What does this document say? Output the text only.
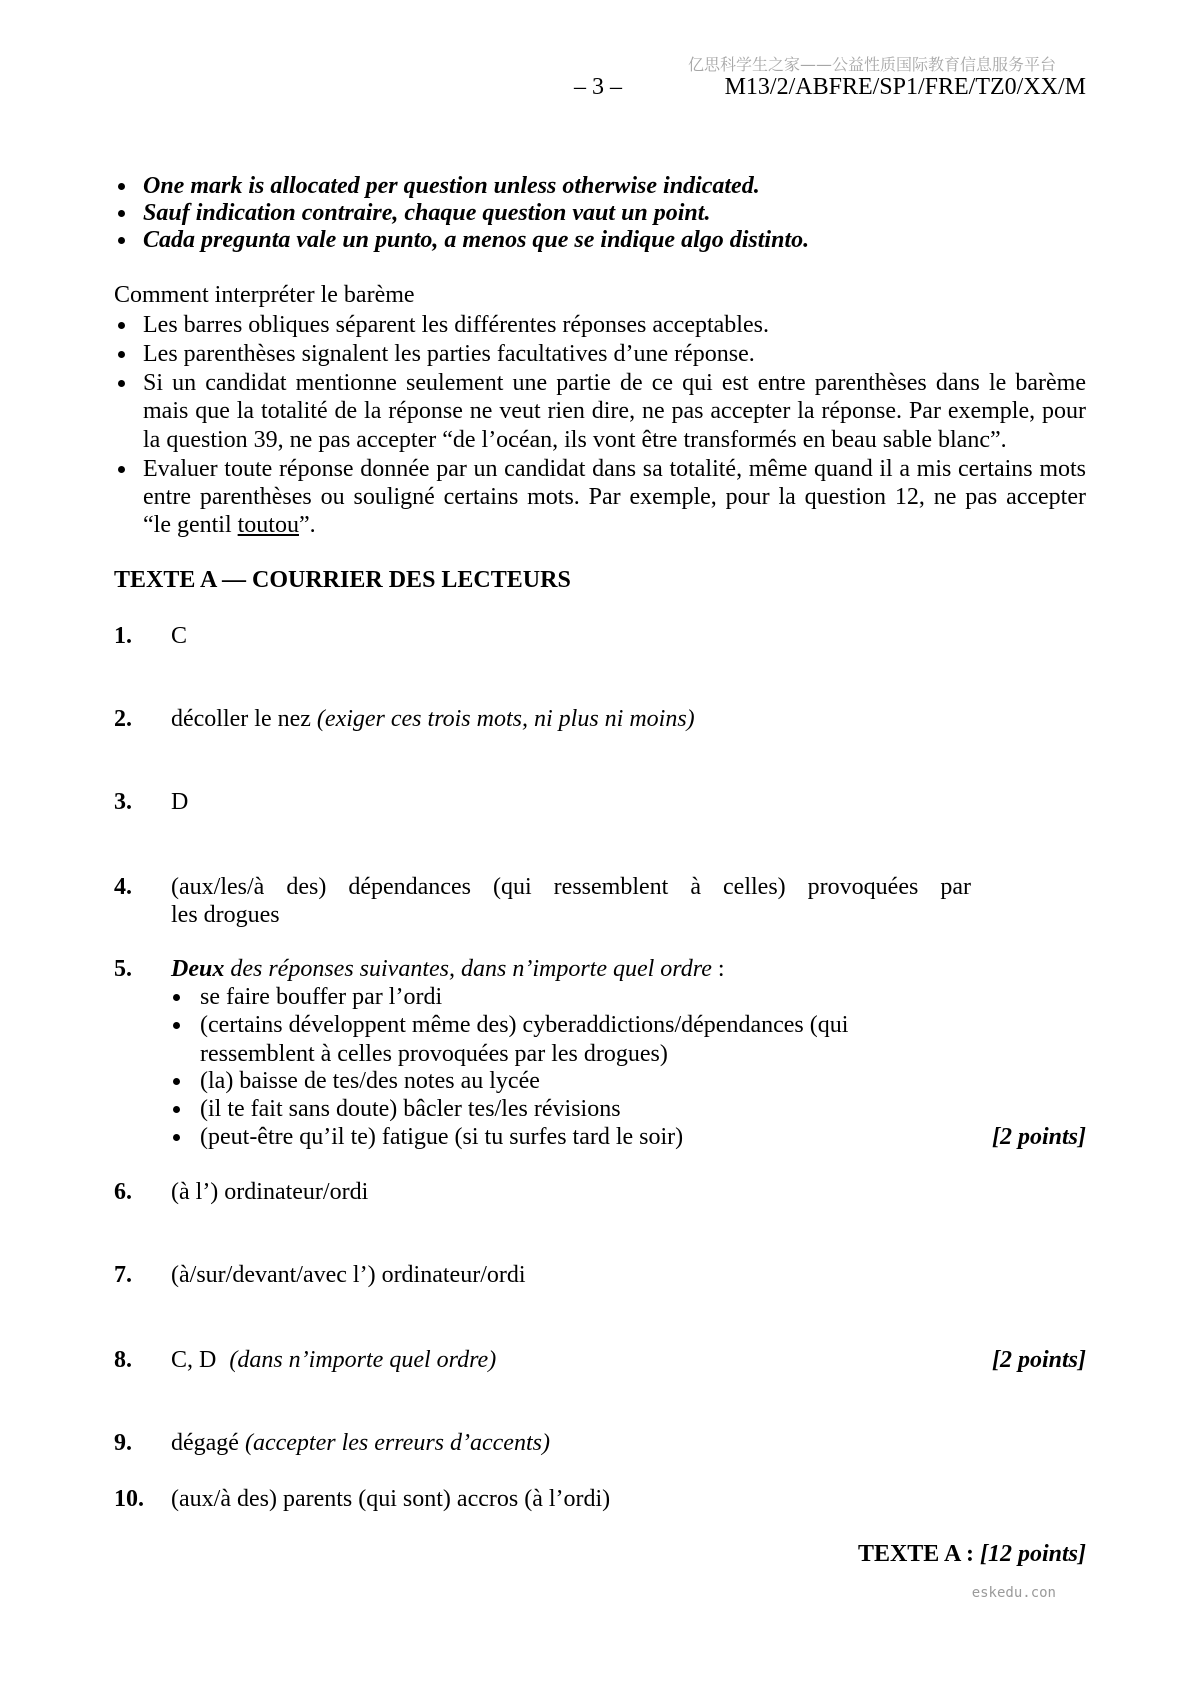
亿思科学生之家——公益性质国际教育信息服务平台
– 3 –	M13/2/ABFRE/SP1/FRE/TZ0/XX/M
One mark is allocated per question unless otherwise indicated.
Sauf indication contraire, chaque question vaut un point.
Cada pregunta vale un punto, a menos que se indique algo distinto.
Comment interpréter le barème
Les barres obliques séparent les différentes réponses acceptables.
Les parenthèses signalent les parties facultatives d’une réponse.
Si un candidat mentionne seulement une partie de ce qui est entre parenthèses dans le barème
mais que la totalité de la réponse ne veut rien dire, ne pas accepter la réponse. Par exemple, pour
la question 39, ne pas accepter “de l’océan, ils vont être transformés en beau sable blanc”.
Evaluer toute réponse donnée par un candidat dans sa totalité, même quand il a mis certains mots
entre parenthèses ou souligné certains mots. Par exemple, pour la question 12, ne pas accepter
“le gentil toutou”.
TEXTE A — COURRIER DES LECTEURS
1. C
2. décoller le nez (exiger ces trois mots, ni plus ni moins)
3. D
4. (aux/les/à des) dépendances (qui ressemblent à celles) provoquées par
les drogues
5. Deux des réponses suivantes, dans n’importe quel ordre :
se faire bouffer par l’ordi
(certains développent même des) cyberaddictions/dépendances (qui
ressemblent à celles provoquées par les drogues)
(la) baisse de tes/des notes au lycée
(il te fait sans doute) bâcler tes/les révisions
(peut-être qu’il te) fatigue (si tu surfes tard le soir)	[2 points]
6. (à l’) ordinateur/ordi
7. (à/sur/devant/avec l’) ordinateur/ordi
8. C, D (dans n’importe quel ordre)	[2 points]
9. dégagé (accepter les erreurs d’accents)
10. (aux/à des) parents (qui sont) accros (à l’ordi)
TEXTE A : [12 points]
eskedu.con
